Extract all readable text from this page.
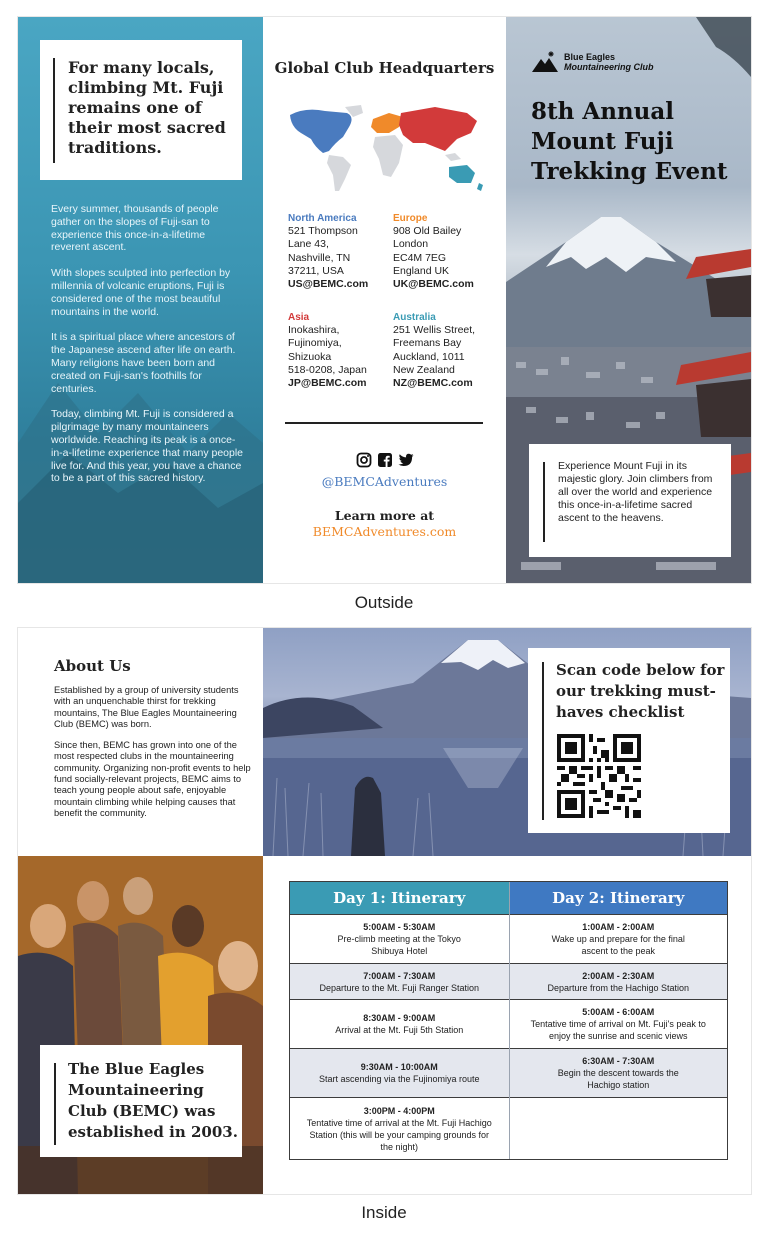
For many locals, climbing Mt. Fuji remains one of their most sacred traditions.

Every summer, thousands of people gather on the slopes of Fuji-san to experience this once-in-a-lifetime reverent ascent.

With slopes sculpted into perfection by millennia of volcanic eruptions, Fuji is considered one of the most beautiful mountains in the world.

It is a spiritual place where ancestors of the Japanese ascend after life on earth. Many religions have been born and created on Fuji-san's foothills for centuries.

Today, climbing Mt. Fuji is considered a pilgrimage by many mountaineers worldwide. Reaching its peak is a once-in-a-lifetime experience that many people live for. And this year, you have a chance to be a part of this sacred history.

Global Club Headquarters
North America
521 Thompson
Lane 43,
Nashville, TN
37211, USA
US@BEMC.com
Europe
908 Old Bailey
London
EC4M 7EG
England UK
UK@BEMC.com
Asia
Inokashira,
Fujinomiya,
Shizuoka
518-0208, Japan
JP@BEMC.com
Australia
251 Wellis Street,
Freemans Bay
Auckland, 1011
New Zealand
NZ@BEMC.com
@BEMCAdventures
Learn more at
BEMCAdventures.com
Blue Eagles
Mountaineering Club
8th Annual Mount Fuji Trekking Event
Experience Mount Fuji in its majestic glory. Join climbers from all over the world and experience this once-in-a-lifetime sacred ascent to the heavens.
Outside
About Us

Established by a group of university students with an unquenchable thirst for trekking mountains, The Blue Eagles Mountaineering Club (BEMC) was born.

Since then, BEMC has grown into one of the most respected clubs in the mountaineering community. Organizing non-profit events to help fund socially-relevant projects, BEMC aims to teach young people about safe, enjoyable mountain climbing while helping causes that benefit the community.

Scan code below for our trekking must-haves checklist
The Blue Eagles Mountaineering Club (BEMC) was established in 2003.
Day 1: Itinerary
5:00AM - 5:30AM
Pre-climb meeting at the Tokyo Shibuya Hotel
7:00AM - 7:30AM
Departure to the Mt. Fuji Ranger Station
8:30AM - 9:00AM
Arrival at the Mt. Fuji 5th Station
9:30AM - 10:00AM
Start ascending via the Fujinomiya route
3:00PM - 4:00PM
Tentative time of arrival at the Mt. Fuji Hachigo Station (this will be your camping grounds for the night)
Day 2: Itinerary
1:00AM - 2:00AM
Wake up and prepare for the final ascent to the peak
2:00AM - 2:30AM
Departure from the Hachigo Station
5:00AM - 6:00AM
Tentative time of arrival on Mt. Fuji's peak to enjoy the sunrise and scenic views
6:30AM - 7:30AM
Begin the descent towards the Hachigo station
Inside
